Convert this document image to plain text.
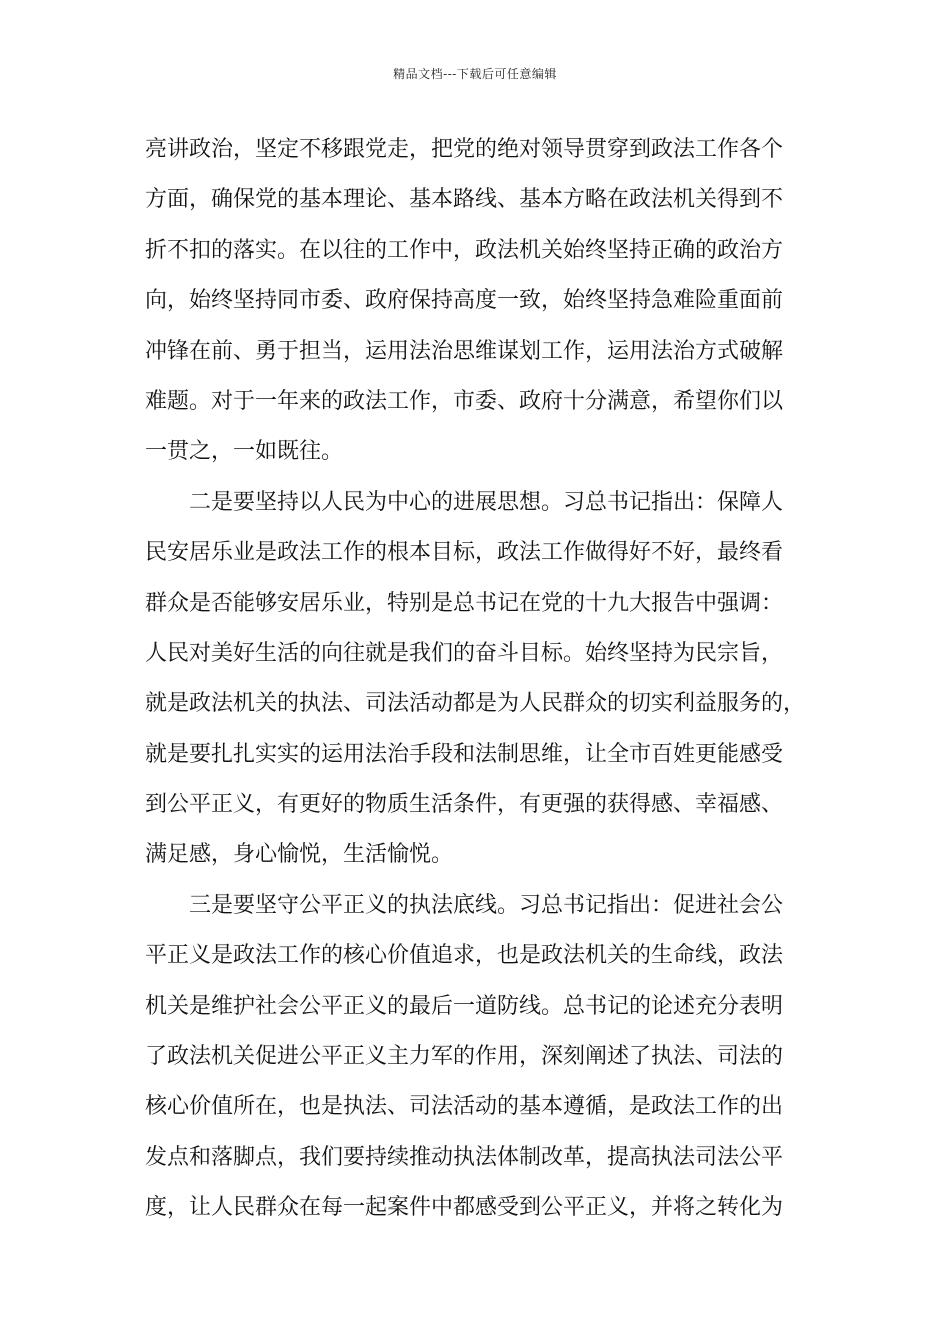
精品文档---下载后可任意编辑
亮讲政治，坚定不移跟党走，把党的绝对领导贯穿到政法工作各个
方面，确保党的基本理论、基本路线、基本方略在政法机关得到不
折不扣的落实。在以往的工作中，政法机关始终坚持正确的政治方
向，始终坚持同市委、政府保持高度一致，始终坚持急难险重面前
冲锋在前、勇于担当，运用法治思维谋划工作，运用法治方式破解
难题。对于一年来的政法工作，市委、政府十分满意，希望你们以
一贯之，一如既往。
二是要坚持以人民为中心的进展思想。习总书记指出：保障人
民安居乐业是政法工作的根本目标，政法工作做得好不好，最终看
群众是否能够安居乐业，特别是总书记在党的十九大报告中强调：
人民对美好生活的向往就是我们的奋斗目标。始终坚持为民宗旨，
就是政法机关的执法、司法活动都是为人民群众的切实利益服务的，
就是要扎扎实实的运用法治手段和法制思维，让全市百姓更能感受
到公平正义，有更好的物质生活条件，有更强的获得感、幸福感、
满足感，身心愉悦，生活愉悦。
三是要坚守公平正义的执法底线。习总书记指出：促进社会公
平正义是政法工作的核心价值追求，也是政法机关的生命线，政法
机关是维护社会公平正义的最后一道防线。总书记的论述充分表明
了政法机关促进公平正义主力军的作用，深刻阐述了执法、司法的
核心价值所在，也是执法、司法活动的基本遵循，是政法工作的出
发点和落脚点，我们要持续推动执法体制改革，提高执法司法公平
度，让人民群众在每一起案件中都感受到公平正义，并将之转化为
